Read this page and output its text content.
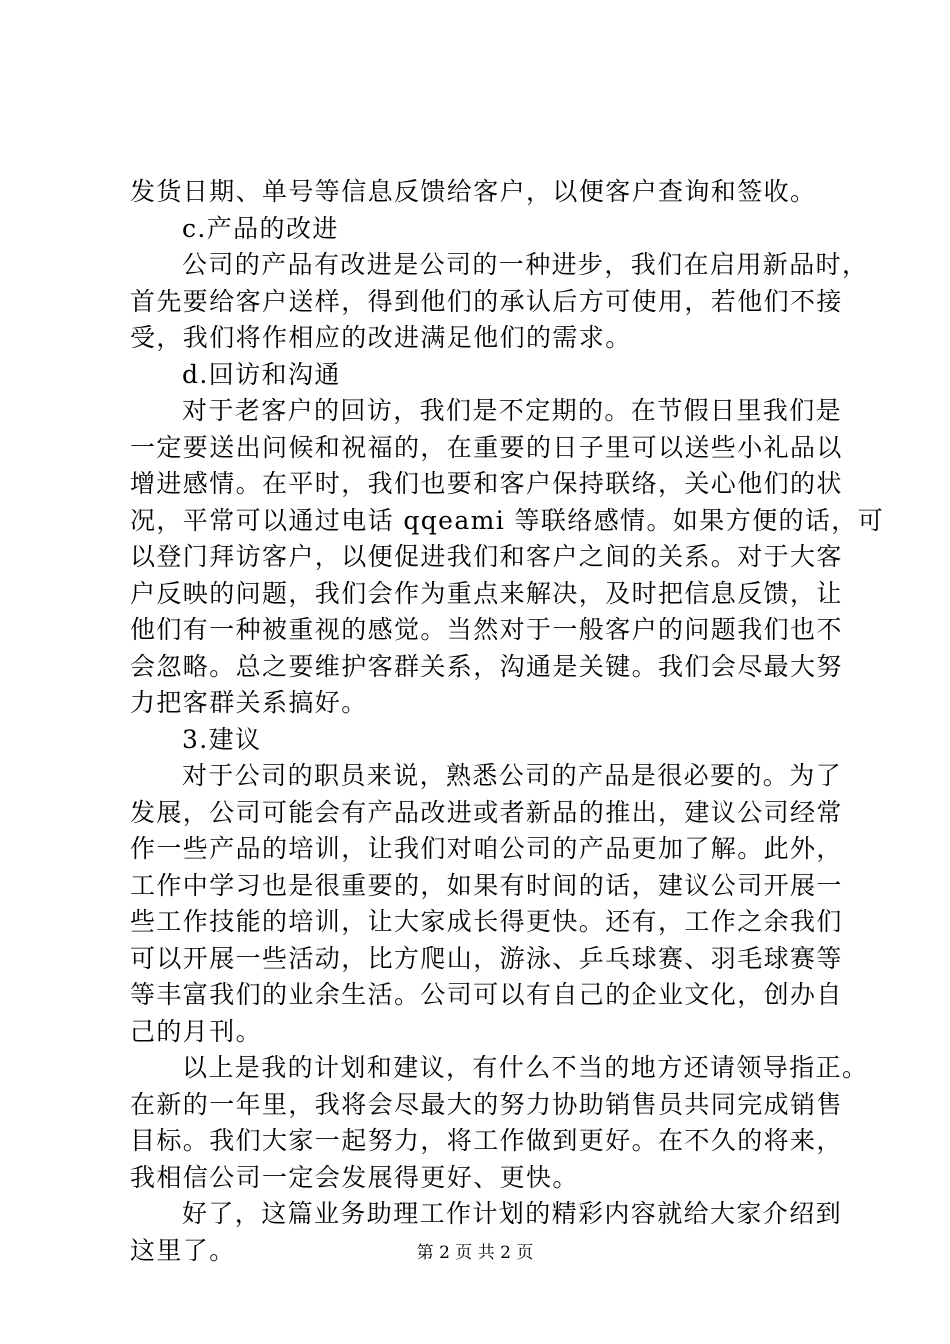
发货日期、单号等信息反馈给客户，以便客户查询和签收。
c.产品的改进
公司的产品有改进是公司的一种进步，我们在启用新品时，
首先要给客户送样，得到他们的承认后方可使用，若他们不接
受，我们将作相应的改进满足他们的需求。
d.回访和沟通
对于老客户的回访，我们是不定期的。在节假日里我们是
一定要送出问候和祝福的，在重要的日子里可以送些小礼品以
增进感情。在平时，我们也要和客户保持联络，关心他们的状
况，平常可以通过电话 qqeami 等联络感情。如果方便的话，可
以登门拜访客户，以便促进我们和客户之间的关系。对于大客
户反映的问题，我们会作为重点来解决，及时把信息反馈，让
他们有一种被重视的感觉。当然对于一般客户的问题我们也不
会忽略。总之要维护客群关系，沟通是关键。我们会尽最大努
力把客群关系搞好。
3.建议
对于公司的职员来说，熟悉公司的产品是很必要的。为了
发展，公司可能会有产品改进或者新品的推出，建议公司经常
作一些产品的培训，让我们对咱公司的产品更加了解。此外，
工作中学习也是很重要的，如果有时间的话，建议公司开展一
些工作技能的培训，让大家成长得更快。还有，工作之余我们
可以开展一些活动，比方爬山，游泳、乒乓球赛、羽毛球赛等
等丰富我们的业余生活。公司可以有自己的企业文化，创办自
己的月刊。
以上是我的计划和建议，有什么不当的地方还请领导指正。
在新的一年里，我将会尽最大的努力协助销售员共同完成销售
目标。我们大家一起努力，将工作做到更好。在不久的将来，
我相信公司一定会发展得更好、更快。
好了，这篇业务助理工作计划的精彩内容就给大家介绍到
这里了。	第 2 页 共 2 页
